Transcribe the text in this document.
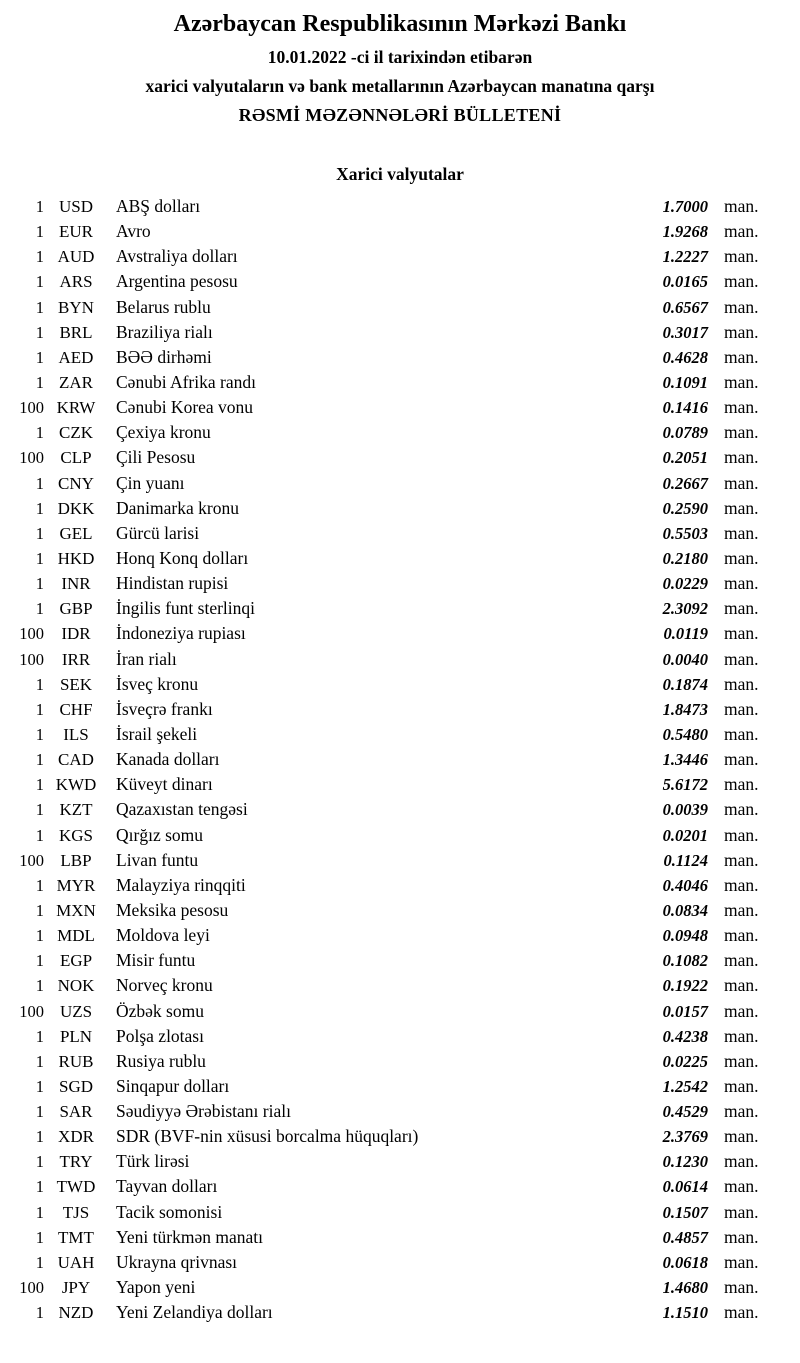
Azərbaycan Respublikasının Mərkəzi Bankı

10.01.2022 -ci il tarixindən etibarən

xarici valyutaların və bank metallarının Azərbaycan manatına qarşı

RƏSMİ MƏZƏNNƏLƏRİ BÜLLETENİ

Xarici valyutalar
1 USD	ABŞ dolları	1.7000 man.
1 EUR	Avro	1.9268 man.
1 AUD	Avstraliya dolları	1.2227 man.
1 ARS	Argentina pesosu	0.0165 man.
1 BYN	Belarus rublu	0.6567 man.
1 BRL	Braziliya rialı	0.3017 man.
1 AED	BƏƏ dirhəmi	0.4628 man.
1 ZAR	Cənubi Afrika randı	0.1091 man.
100 KRW	Cənubi Korea vonu	0.1416 man.
1 CZK	Çexiya kronu	0.0789 man.
100 CLP	Çili Pesosu	0.2051 man.
1 CNY	Çin yuanı	0.2667 man.
1 DKK	Danimarka kronu	0.2590 man.
1 GEL	Gürcü larisi	0.5503 man.
1 HKD	Honq Konq dolları	0.2180 man.
1	INR	Hindistan rupisi	0.0229 man.
1 GBP	İngilis funt sterlinqi	2.3092 man.
100	IDR	İndoneziya rupiası	0.0119 man.
100	IRR	İran rialı	0.0040 man.
1 SEK	İsveç kronu	0.1874 man.
1 CHF	İsveçrə frankı	1.8473 man.
1	ILS	İsrail şekeli	0.5480 man.
1 CAD	Kanada dolları	1.3446 man.
1 KWD	Küveyt dinarı	5.6172 man.
1 KZT	Qazaxıstan tengəsi	0.0039 man.
1 KGS	Qırğız somu	0.0201 man.
100 LBP	Livan funtu	0.1124 man.
1 MYR	Malayziya rinqqiti	0.4046 man.
1 MXN	Meksika pesosu	0.0834 man.
1 MDL	Moldova leyi	0.0948 man.
1 EGP	Misir funtu	0.1082 man.
1 NOK	Norveç kronu	0.1922 man.
100 UZS	Özbək somu	0.0157 man.
1 PLN	Polşa zlotası	0.4238 man.
1 RUB	Rusiya rublu	0.0225 man.
1 SGD	Sinqapur dolları	1.2542 man.
1 SAR	Səudiyyə Ərəbistanı rialı	0.4529 man.
1 XDR	SDR (BVF-nin xüsusi borcalma hüquqları)	2.3769 man.
1 TRY	Türk lirəsi	0.1230 man.
1 TWD	Tayvan dolları	0.0614 man.
1	TJS	Tacik somonisi	0.1507 man.
1 TMT	Yeni türkmən manatı	0.4857 man.
1 UAH	Ukrayna qrivnası	0.0618 man.
100	JPY	Yapon yeni	1.4680 man.
1 NZD	Yeni Zelandiya dolları	1.1510 man.
